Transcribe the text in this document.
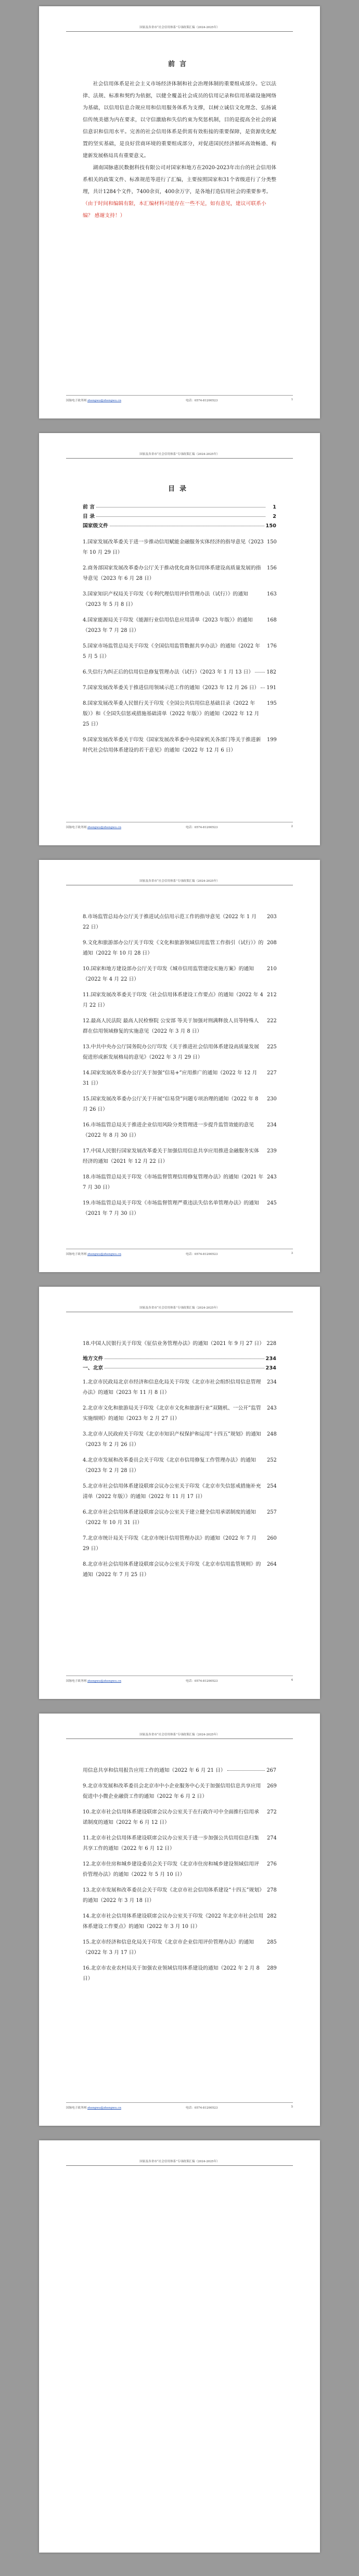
国家及各省市“社会信用体系”专项政策汇编（2024-2025年）
前言

社会信用体系是社会主义市场经济体制和社会治理体制的重要组成部分。它以法律、法规、标准和契约为依据，以健全覆盖社会成员的信用记录和信用基础设施网络为基础，以信用信息合规应用和信用服务体系为支撑，以树立诚信文化理念、弘扬诚信传统美德为内在要求，以守信激励和失信约束为奖惩机制，目的是提高全社会的诚信意识和信用水平。完善的社会信用体系是供需有效衔接的重要保障，是资源优化配置的坚实基础，是良好营商环境的重要组成部分，对促进国民经济循环高效畅通、构建新发展格局具有重要意义。

湖南国脉惠民数据科技有限公司对国家和地方在2020-2023年出台的社会信用体系相关的政策文件、标准规范等进行了汇编，主要按照国家和31个省级进行了分类整理，共计1284个文件，7400余页，400余万字，是各地打造信用社会的重要参考。

（由于时间和编辑有限，本汇编材料可能存在一些不足，如有意见，建议可联系小编？ 感谢支持！）

国脉电子政务网 zhengwu@zhengwu.cn	电话：0574-81200523	1
国家及各省市“社会信用体系”专项政策汇编（2024-2025年）
目录
前 言	1
目 录	2
国家级文件	150
1.国家发展改革委关于进一步推动信用赋能金融服务实体经济的指导意见（2023 年 10 月 29 日）
150
2.商务部国家发展改革委办公厅关于推动优化商务信用体系建设高质量发展的指导意见（2023 年 6 月 28 日）
156
3.国家知识产权局关于印发《专利代理信用评价管理办法（试行）》的通知（2023 年 5 月 8 日）
163
4.国家能源局关于印发《能源行业信用信息应用清单（2023 年版）》的通知（2023 年 7 月 28 日）
168
5.国家市场监管总局关于印发《全国信用监管数据共享办法》的通知（2022 年 5 月 5 日）
176
6.失信行为纠正后的信用信息修复管理办法（试行）（2023 年 1 月 13 日）	182
7.国家发展改革委关于推进信用领域示范工作的通知（2023 年 12 月 26 日） 191
8.国家发展改革委人民银行关于印发《全国公共信用信息基础目录（2022 年版）》和《全国失信惩戒措施基础清单（2022 年版）》的通知（2022 年 12 月 25 日）
195
9.国家发展改革委关于印发《国家发展改革委中央国家机关各部门等关于推进新时代社会信用体系建设的若干意见》的通知（2022 年 12 月 6 日）
199
国脉电子政务网 zhengwu@zhengwu.cn	电话：0574-81200523	2
国家及各省市“社会信用体系”专项政策汇编（2024-2025年）
8.市场监管总局办公厅关于推进试点信用示范工作的指导意见（2022 年 1 月 22 日）
203
9.文化和旅游部办公厅关于印发《文化和旅游领域信用监管工作指引（试行）》的通知（2022 年 10 月 28 日）
208
10.国家和地方建设部办公厅关于印发《城市信用监管建设实施方案》的通知（2022 年 4 月 22 日）
210
11.国家发展改革委关于印发《社会信用体系建设工作要点》的通知（2022 年 4 月 22 日）
212
12.最高人民法院 最高人民检察院 公安部 等关于加强对刑满释放人员等特殊人群在信用领域修复的实施意见（2022 年 3 月 8 日）
222
13.中共中央办公厅国务院办公厅印发《关于推进社会信用体系建设高质量发展促进形成新发展格局的意见》（2022 年 3 月 29 日）
225
14.国家发展改革委办公厅关于加强“信易+”应用推广的通知（2022 年 12 月 31 日）
227
15.国家发展改革委办公厅关于开展“信易贷”问题专项治理的通知（2022 年 8 月 26 日）
230
16.市场监管总局关于推进企业信用风险分类管理进一步提升监管效能的意见（2022 年 8 月 30 日）
234
17.中国人民银行国家发展改革委关于加强信用信息共享应用推进金融服务实体经济的通知（2021 年 12 月 22 日）
239
18.市场监管总局关于印发《市场监督管理信用修复管理办法》的通知（2021 年 7 月 30 日）
243
19.市场监管总局关于印发《市场监督管理严重违法失信名单管理办法》的通知（2021 年 7 月 30 日）
245
国脉电子政务网 zhengwu@zhengwu.cn	电话：0574-81200523	3
国家及各省市“社会信用体系”专项政策汇编（2024-2025年）
18.中国人民银行关于印发《征信业务管理办法》的通知（2021 年 9 月 27 日） 228
地方文件	234
一、北京	234
1.北京市民政局北京市经济和信息化局关于印发《北京市社会组织信用信息管理办法》的通知（2023 年 11 月 8 日）
234
2.北京市文化和旅游局关于印发《北京市文化和旅游行业“双随机、一公开”监管实施细则》的通知（2023 年 2 月 27 日）
243
3.北京市人民政府关于印发《北京市知识产权保护和运用“十四五”规划》的通知（2023 年 2 月 26 日）
248
4.北京市发展和改革委员会关于印发《北京市信用修复工作管理办法》的通知（2023 年 2 月 28 日）
252
5.北京市社会信用体系建设联席会议办公室关于印发《北京市失信惩戒措施补充清单（2022 年版）》的通知（2022 年 11 月 17 日）
254
6.北京市社会信用体系建设联席会议办公室关于建立健全信用承诺制度的通知（2022 年 10 月 31 日）
257
7.北京市统计局关于印发《北京市统计信用管理办法》的通知（2022 年 7 月 29 日）
260
8.北京市社会信用体系建设联席会议办公室关于印发《北京市信用监管规则》的通知（2022 年 7 月 25 日）
264
国脉电子政务网 zhengwu@zhengwu.cn	电话：0574-81200523	4
国家及各省市“社会信用体系”专项政策汇编（2024-2025年）
用信息共享和信用报告应用工作的通知（2022 年 6 月 21 日）	267
9.北京市发展和改革委员会北京市中小企业服务中心关于加强信用信息共享应用促进中小微企业融资工作的通知（2022 年 6 月 2 日）
269
10.北京市社会信用体系建设联席会议办公室关于在行政许可中全面推行信用承诺制度的通知（2022 年 6 月 12 日）
272
11.北京市社会信用体系建设联席会议办公室关于进一步加强公共信用信息归集共享工作的通知（2022 年 6 月 12 日）
274
12.北京市住房和城乡建设委员会关于印发《北京市住房和城乡建设领域信用评价管理办法》的通知（2022 年 5 月 10 日）
276
13.北京市发展和改革委员会关于印发《北京市社会信用体系建设“十四五”规划》的通知（2022 年 3 月 18 日）
278
14.北京市社会信用体系建设联席会议办公室关于印发《2022 年北京市社会信用体系建设工作要点》的通知（2022 年 3 月 10 日）
282
15.北京市经济和信息化局关于印发《北京市企业信用评价管理办法》的通知（2022 年 3 月 17 日）
285
16.北京市农业农村局关于加强农业领域信用体系建设的通知（2022 年 2 月 8 日）
289
国脉电子政务网 zhengwu@zhengwu.cn	电话：0574-81200523	5
国家及各省市“社会信用体系”专项政策汇编（2024-2025年）
